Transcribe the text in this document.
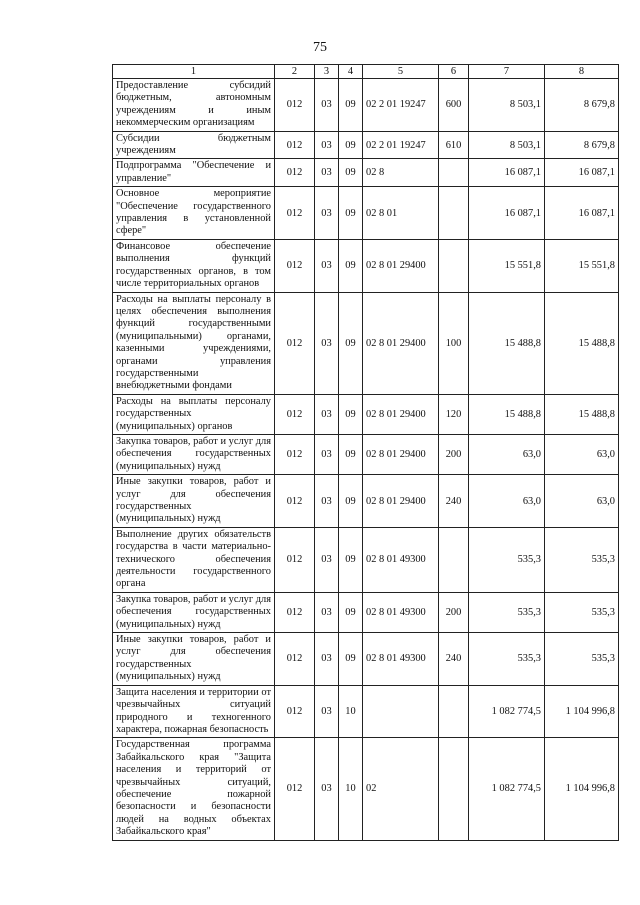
75
1	2	3	4	5	6	7	8
Предоставление субсидий бюджетным, автономным учреждениям и иным некоммерческим организациям	012	03	09	02 2 01 19247	600	8 503,1	8 679,8
Субсидии бюджетным учреждениям	012	03	09	02 2 01 19247	610	8 503,1	8 679,8
Подпрограмма "Обеспечение и управление"	012	03	09	02 8		16 087,1	16 087,1
Основное мероприятие "Обеспечение государственного управления в установленной сфере"	012	03	09	02 8 01		16 087,1	16 087,1
Финансовое обеспечение выполнения функций государственных органов, в том числе территориальных органов	012	03	09	02 8 01 29400		15 551,8	15 551,8
Расходы на выплаты персоналу в целях обеспечения выполнения функций государственными (муниципальными) органами, казенными учреждениями, органами управления государственными внебюджетными фондами	012	03	09	02 8 01 29400	100	15 488,8	15 488,8
Расходы на выплаты персоналу государственных (муниципальных) органов	012	03	09	02 8 01 29400	120	15 488,8	15 488,8
Закупка товаров, работ и услуг для обеспечения государственных (муниципальных) нужд	012	03	09	02 8 01 29400	200	63,0	63,0
Иные закупки товаров, работ и услуг для обеспечения государственных (муниципальных) нужд	012	03	09	02 8 01 29400	240	63,0	63,0
Выполнение других обязательств государства в части материально-технического обеспечения деятельности государственного органа	012	03	09	02 8 01 49300		535,3	535,3
Закупка товаров, работ и услуг для обеспечения государственных (муниципальных) нужд	012	03	09	02 8 01 49300	200	535,3	535,3
Иные закупки товаров, работ и услуг для обеспечения государственных (муниципальных) нужд	012	03	09	02 8 01 49300	240	535,3	535,3
Защита населения и территории от чрезвычайных ситуаций природного и техногенного характера, пожарная безопасность	012	03	10			1 082 774,5	1 104 996,8
Государственная программа Забайкальского края "Защита населения и территорий от чрезвычайных ситуаций, обеспечение пожарной безопасности и безопасности людей на водных объектах Забайкальского края"	012	03	10	02		1 082 774,5	1 104 996,8
